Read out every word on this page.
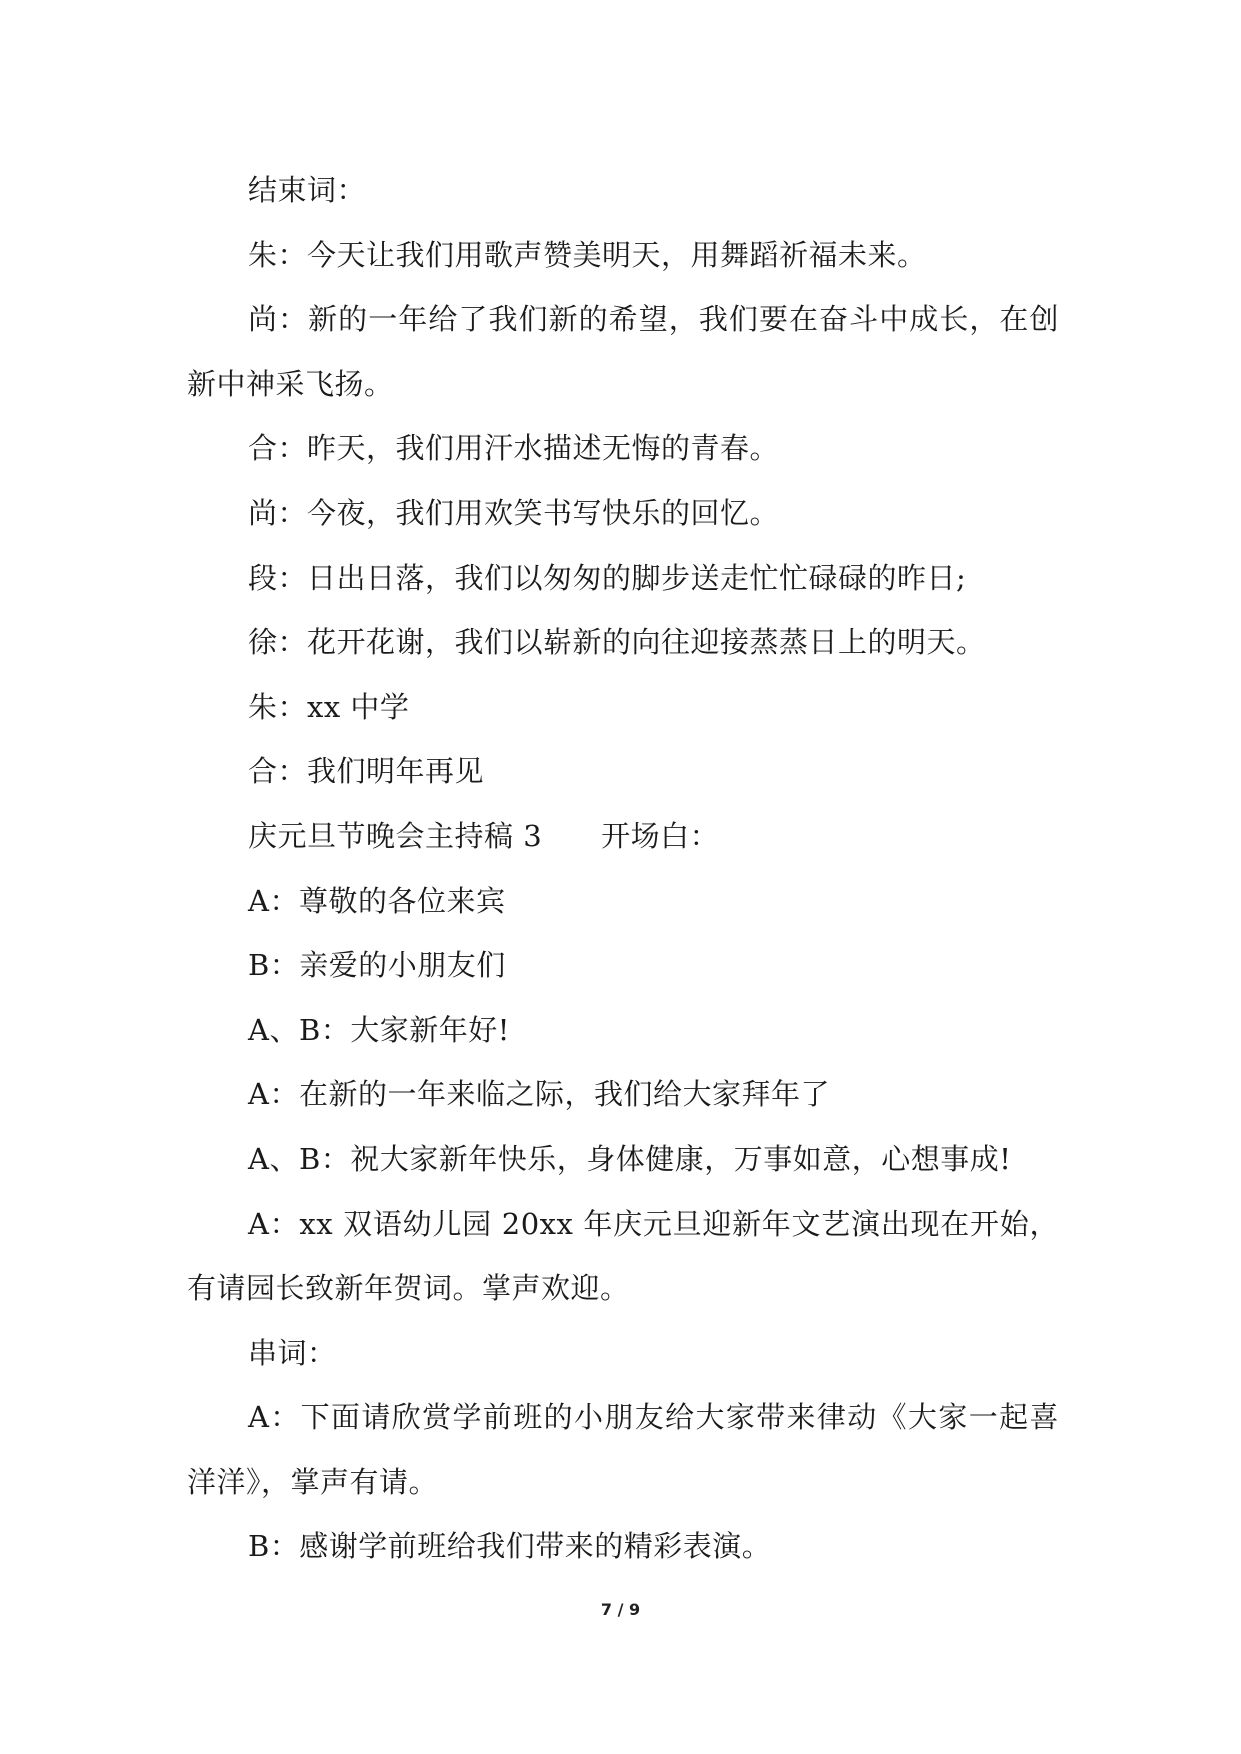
结束词：

朱：今天让我们用歌声赞美明天，用舞蹈祈福未来。

尚：新的一年给了我们新的希望，我们要在奋斗中成长，在创新中神采飞扬。

合：昨天，我们用汗水描述无悔的青春。

尚：今夜，我们用欢笑书写快乐的回忆。

段：日出日落，我们以匆匆的脚步送走忙忙碌碌的昨日;

徐：花开花谢，我们以崭新的向往迎接蒸蒸日上的明天。

朱：xx 中学

合：我们明年再见

庆元旦节晚会主持稿 3　　开场白：

A：尊敬的各位来宾

B：亲爱的小朋友们

A、B：大家新年好!

A：在新的一年来临之际，我们给大家拜年了

A、B：祝大家新年快乐，身体健康，万事如意，心想事成!

A：xx 双语幼儿园 20xx 年庆元旦迎新年文艺演出现在开始，有请园长致新年贺词。掌声欢迎。

串词：

A：下面请欣赏学前班的小朋友给大家带来律动《大家一起喜洋洋》，掌声有请。

B：感谢学前班给我们带来的精彩表演。

7 / 9
